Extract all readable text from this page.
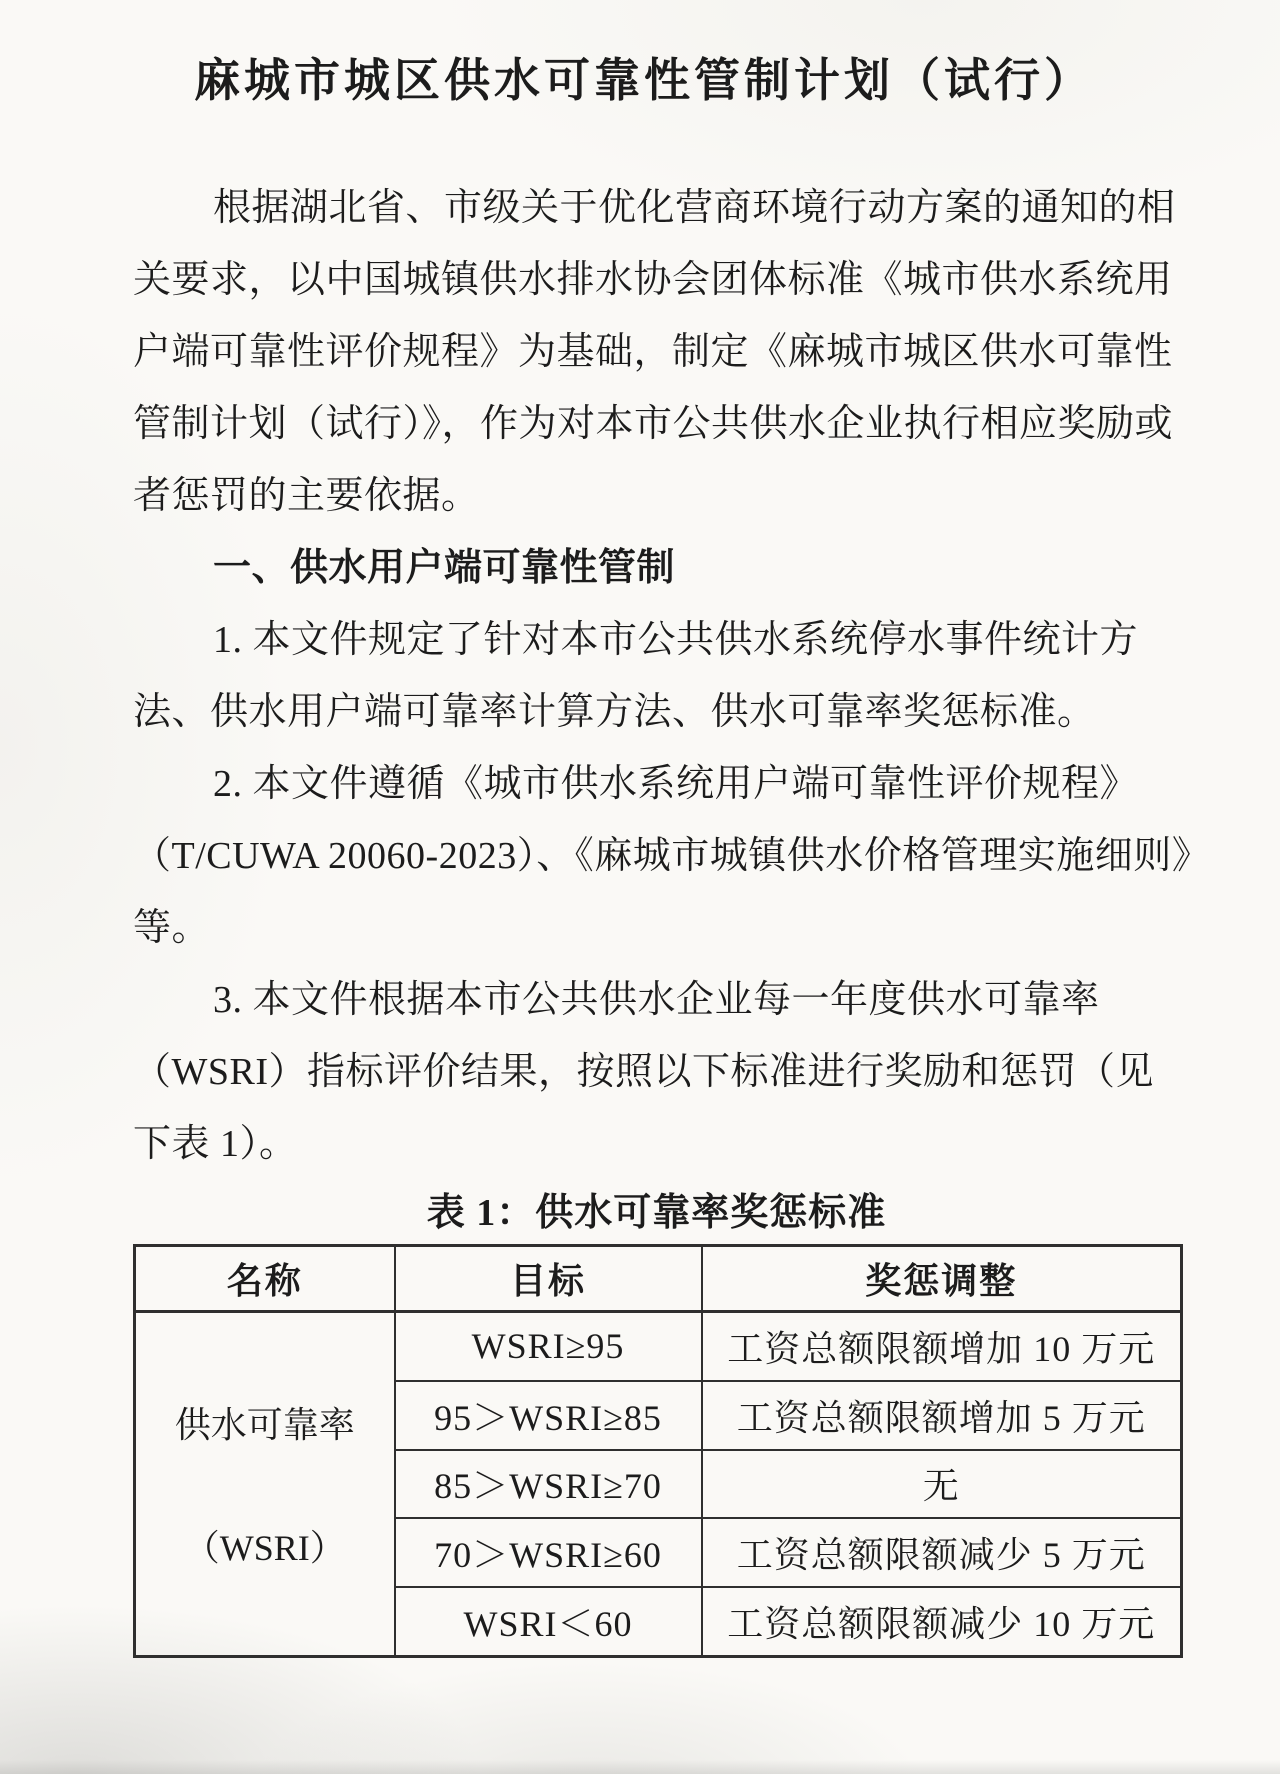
麻城市城区供水可靠性管制计划（试行）
根据湖北省、市级关于优化营商环境行动方案的通知的相
关要求，以中国城镇供水排水协会团体标准《城市供水系统用
户端可靠性评价规程》为基础，制定《麻城市城区供水可靠性
管制计划（试行）》，作为对本市公共供水企业执行相应奖励或
者惩罚的主要依据。
一、供水用户端可靠性管制
1. 本文件规定了针对本市公共供水系统停水事件统计方
法、供水用户端可靠率计算方法、供水可靠率奖惩标准。
2. 本文件遵循《城市供水系统用户端可靠性评价规程》
（T/CUWA 20060-2023）、《麻城市城镇供水价格管理实施细则》
等。
3. 本文件根据本市公共供水企业每一年度供水可靠率
（WSRI）指标评价结果，按照以下标准进行奖励和惩罚（见
下表 1）。
表 1：供水可靠率奖惩标准
名称	目标	奖惩调整

供水可靠率
（WSRI）	WSRI≥95	工资总额限额增加 10 万元
	95＞WSRI≥85	工资总额限额增加 5 万元
	85＞WSRI≥70	无
	70＞WSRI≥60	工资总额限额减少 5 万元
	WSRI＜60	工资总额限额减少 10 万元
